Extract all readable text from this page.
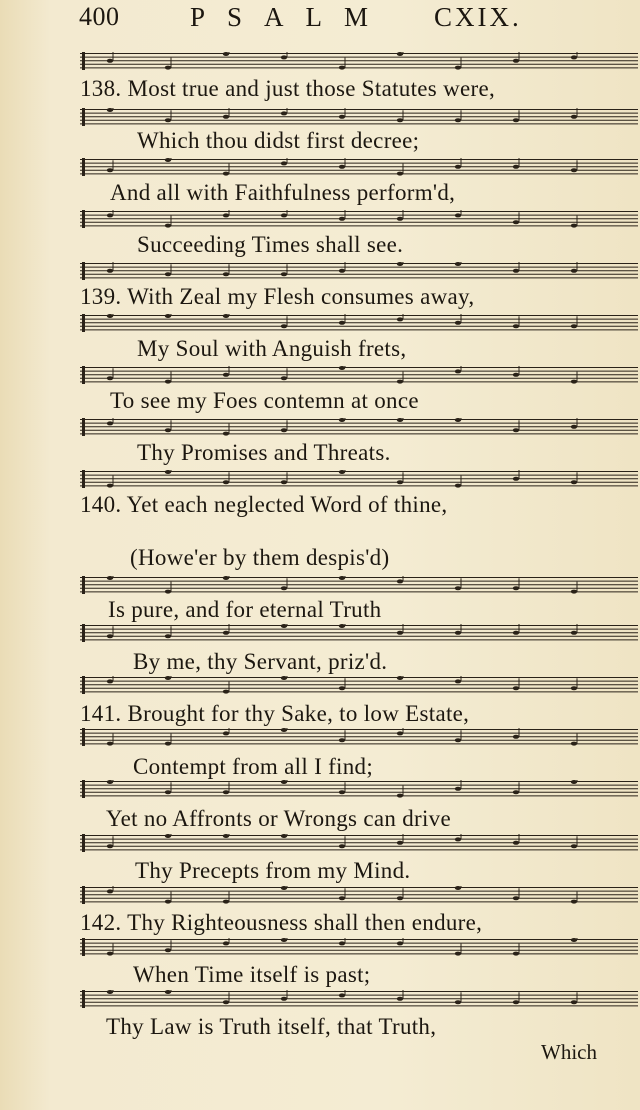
400	PSALM CXIX.
138. Most true and just those Statutes were,
Which thou didst first decree;
And all with Faithfulness perform'd,
Succeeding Times shall see.
139. With Zeal my Flesh consumes away,
My Soul with Anguish frets,
To see my Foes contemn at once
Thy Promises and Threats.
140. Yet each neglected Word of thine,
(Howe'er by them despis'd)
Is pure, and for eternal Truth
By me, thy Servant, priz'd.
141. Brought for thy Sake, to low Estate,
Contempt from all I find;
Yet no Affronts or Wrongs can drive
Thy Precepts from my Mind.
142. Thy Righteousness shall then endure,
When Time itself is past;
Thy Law is Truth itself, that Truth,
Which
